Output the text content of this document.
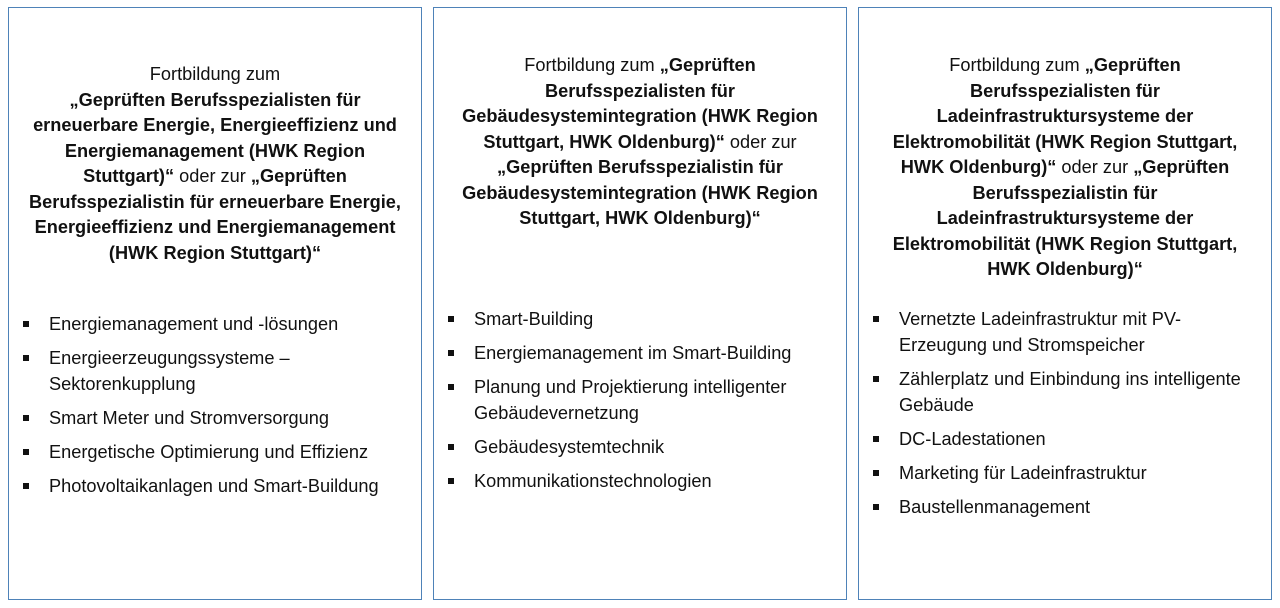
Fortbildung zum
„Geprüften Berufsspezialisten für erneuerbare Energie, Energieeffizienz und Energiemanagement (HWK Region Stuttgart)“ oder zur „Geprüften Berufsspezialistin für erneuerbare Energie, Energieeffizienz und Energiemanagement (HWK Region Stuttgart)“
Energiemanagement und -lösungen
Energieerzeugungssysteme – Sektorenkupplung
Smart Meter und Stromversorgung
Energetische Optimierung und Effizienz
Photovoltaikanlagen und Smart-Buildung
Fortbildung zum „Geprüften Berufsspezialisten für Gebäudesystemintegration (HWK Region Stuttgart, HWK Oldenburg)“ oder zur „Geprüften Berufsspezialistin für Gebäudesystemintegration (HWK Region Stuttgart, HWK Oldenburg)“
Smart-Building
Energiemanagement im Smart-Building
Planung und Projektierung intelligenter Gebäudevernetzung
Gebäudesystemtechnik
Kommunikationstechnologien
Fortbildung zum „Geprüften Berufsspezialisten für Ladeinfrastruktursysteme der Elektromobilität (HWK Region Stuttgart, HWK Oldenburg)“ oder zur „Geprüften Berufsspezialistin für Ladeinfrastruktursysteme der Elektromobilität (HWK Region Stuttgart, HWK Oldenburg)“
Vernetzte Ladeinfrastruktur mit PV-Erzeugung und Stromspeicher
Zählerplatz und Einbindung ins intelligente Gebäude
DC-Ladestationen
Marketing für Ladeinfrastruktur
Baustellenmanagement
